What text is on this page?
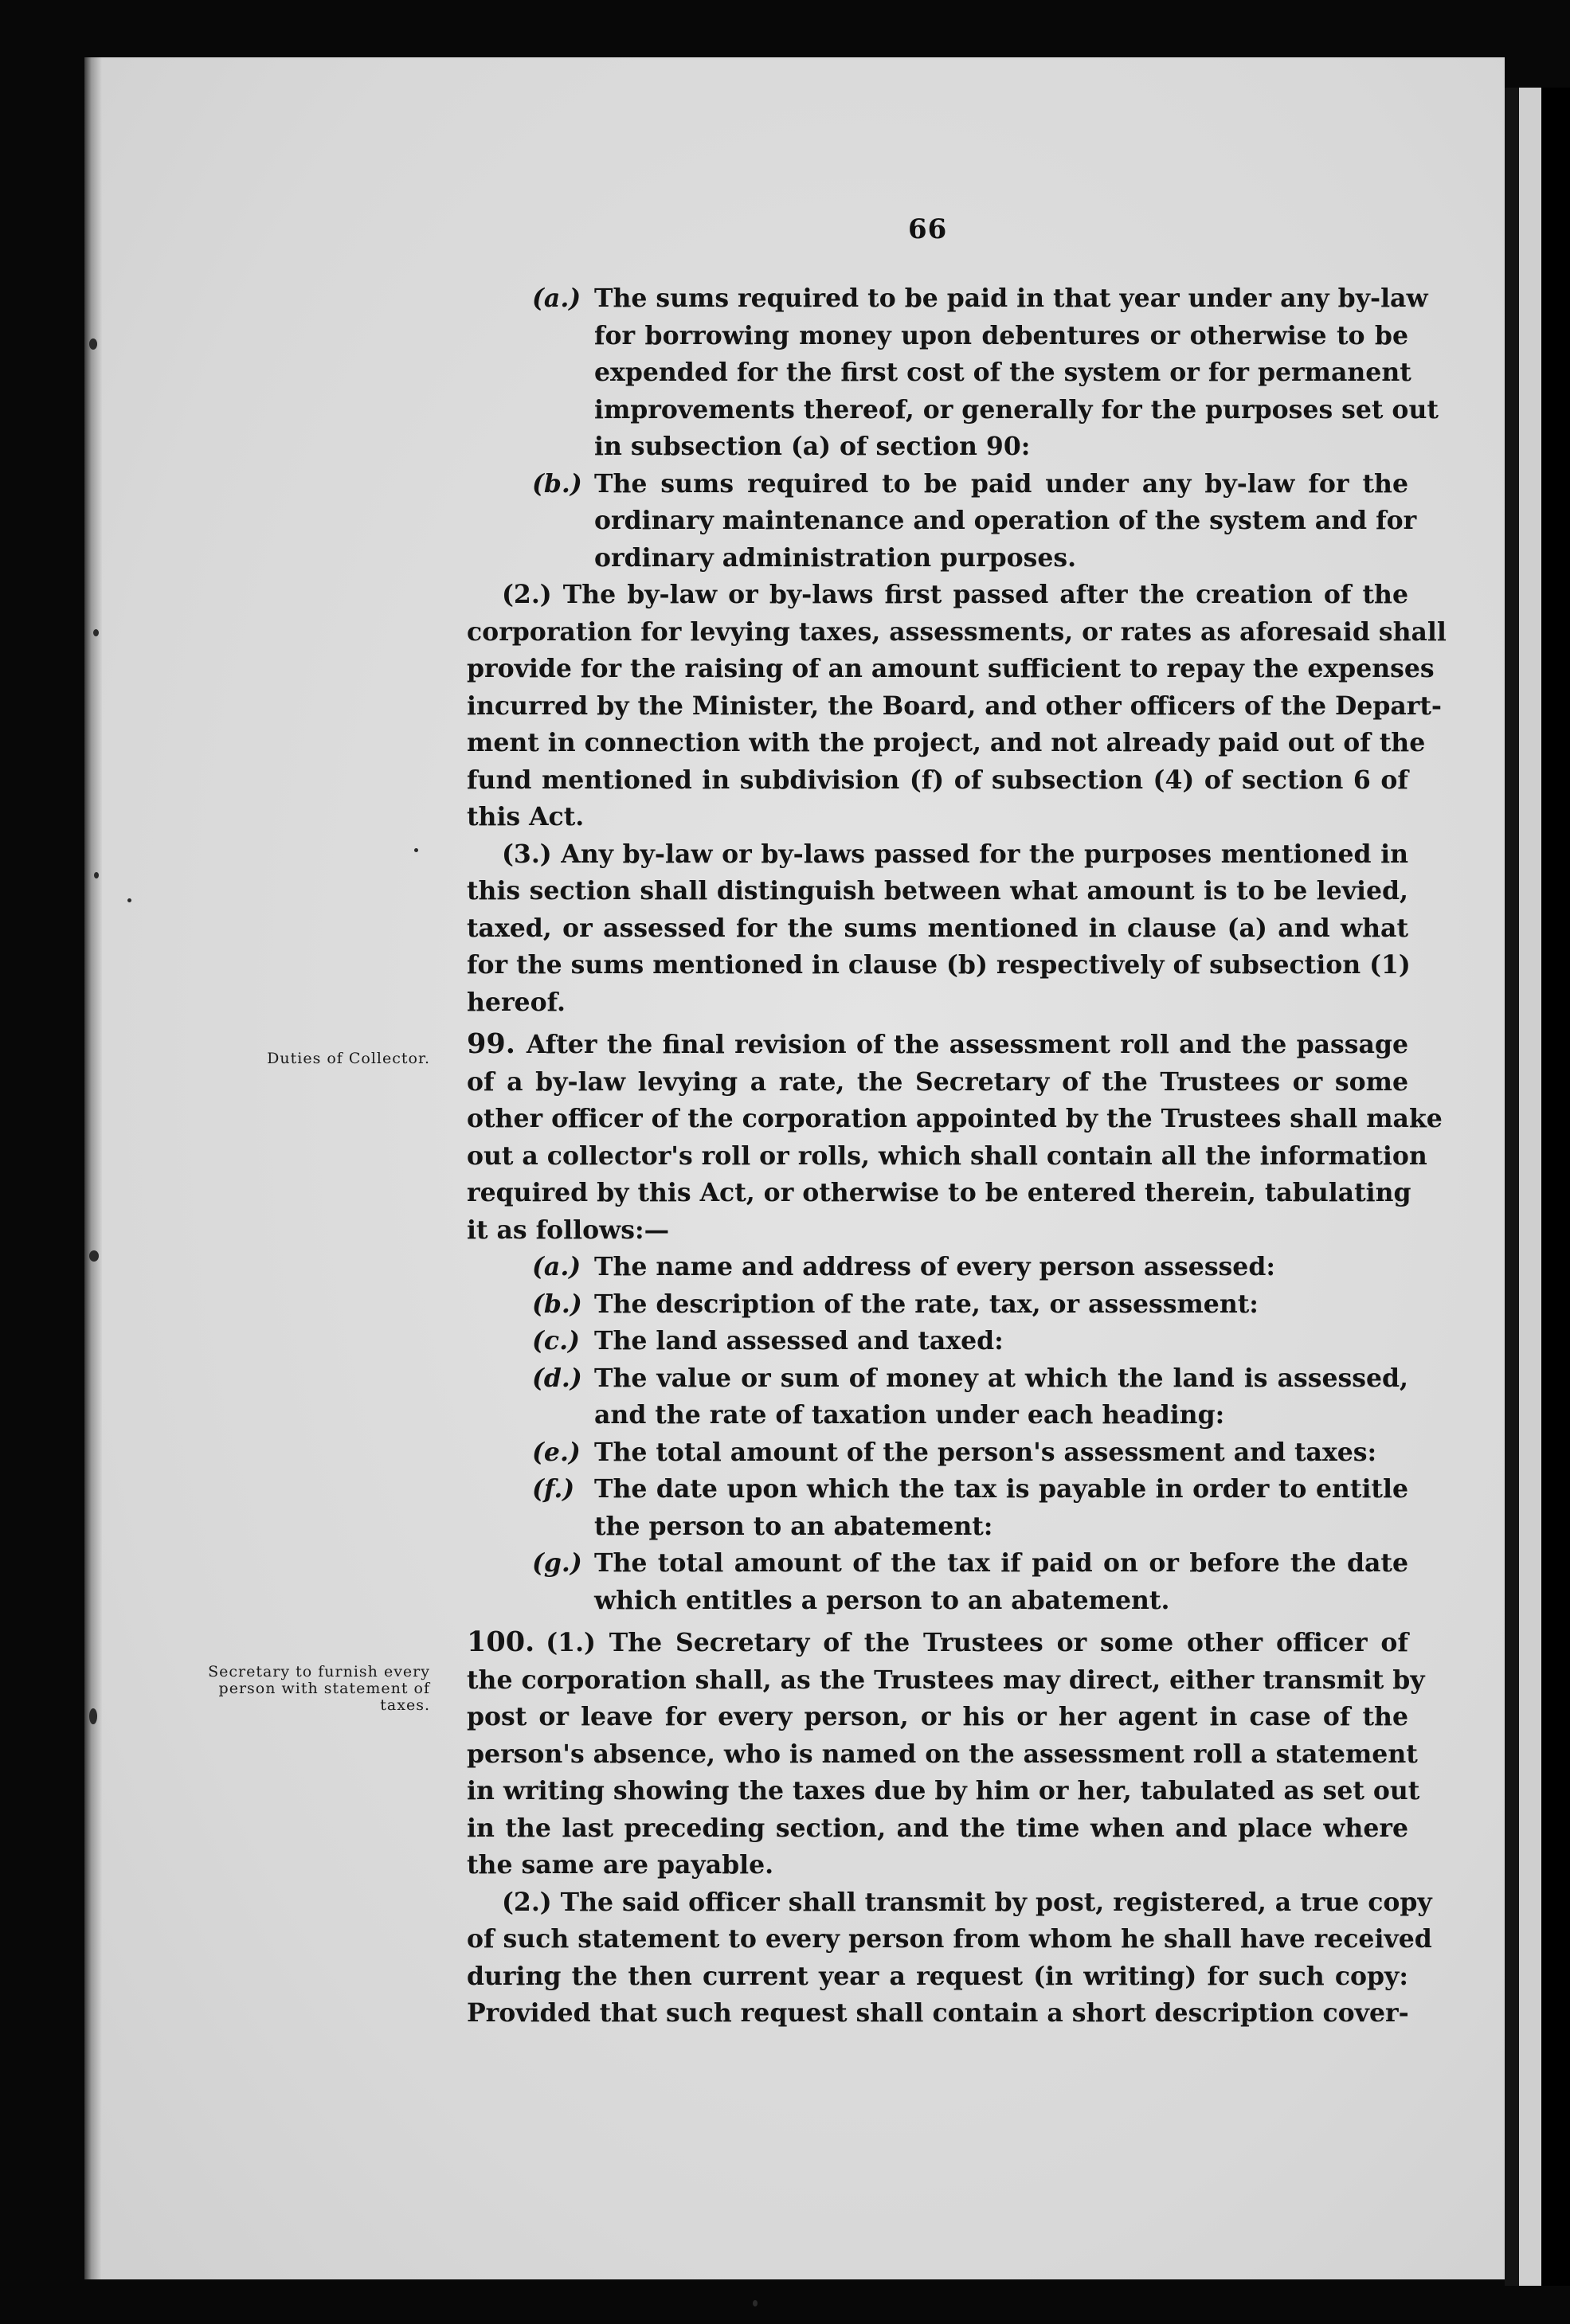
66
Duties of Collector.
Secretary to furnish every person with statement of taxes.
(a.) The sums required to be paid in that year under any by-law
for borrowing money upon debentures or otherwise to be
expended for the first cost of the system or for permanent
improvements thereof, or generally for the purposes set out
in subsection (a) of section 90:
(b.) The sums required to be paid under any by-law for the
ordinary maintenance and operation of the system and for
ordinary administration purposes.
(2.) The by-law or by-laws first passed after the creation of the
corporation for levying taxes, assessments, or rates as aforesaid shall
provide for the raising of an amount sufficient to repay the expenses
incurred by the Minister, the Board, and other officers of the Depart-
ment in connection with the project, and not already paid out of the
fund mentioned in subdivision (f) of subsection (4) of section 6 of
this Act.
(3.) Any by-law or by-laws passed for the purposes mentioned in
this section shall distinguish between what amount is to be levied,
taxed, or assessed for the sums mentioned in clause (a) and what
for the sums mentioned in clause (b) respectively of subsection (1)
hereof.
99. After the final revision of the assessment roll and the passage
of a by-law levying a rate, the Secretary of the Trustees or some
other officer of the corporation appointed by the Trustees shall make
out a collector's roll or rolls, which shall contain all the information
required by this Act, or otherwise to be entered therein, tabulating
it as follows:—
(a.) The name and address of every person assessed:
(b.) The description of the rate, tax, or assessment:
(c.) The land assessed and taxed:
(d.) The value or sum of money at which the land is assessed,
and the rate of taxation under each heading:
(e.) The total amount of the person's assessment and taxes:
(f.) The date upon which the tax is payable in order to entitle
the person to an abatement:
(g.) The total amount of the tax if paid on or before the date
which entitles a person to an abatement.
100. (1.) The Secretary of the Trustees or some other officer of
the corporation shall, as the Trustees may direct, either transmit by
post or leave for every person, or his or her agent in case of the
person's absence, who is named on the assessment roll a statement
in writing showing the taxes due by him or her, tabulated as set out
in the last preceding section, and the time when and place where
the same are payable.
(2.) The said officer shall transmit by post, registered, a true copy
of such statement to every person from whom he shall have received
during the then current year a request (in writing) for such copy:
Provided that such request shall contain a short description cover-
